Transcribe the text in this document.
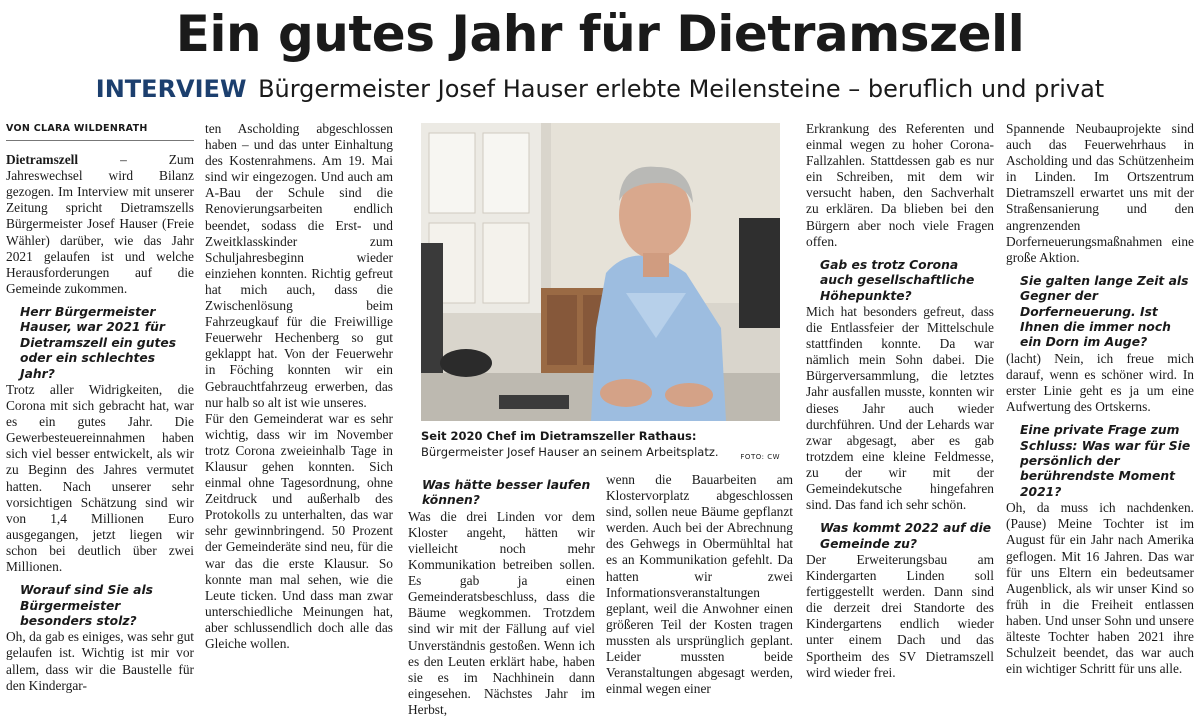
Ein gutes Jahr für Dietramszell
INTERVIEW Bürgermeister Josef Hauser erlebte Meilensteine – beruflich und privat
VON CLARA WILDENRATH

Dietramszell – Zum Jahreswechsel wird Bilanz gezogen. Im Interview mit unserer Zeitung spricht Dietramszells Bürgermeister Josef Hauser (Freie Wähler) darüber, wie das Jahr 2021 gelaufen ist und welche Herausforderungen auf die Gemeinde zukommen.

Herr Bürgermeister Hauser, war 2021 für Dietramszell ein gutes oder ein schlechtes Jahr?

Trotz aller Widrigkeiten, die Corona mit sich gebracht hat, war es ein gutes Jahr. Die Gewerbesteuereinnahmen haben sich viel besser entwickelt, als wir zu Beginn des Jahres vermutet hatten. Nach unserer sehr vorsichtigen Schätzung sind wir von 1,4 Millionen Euro ausgegangen, jetzt liegen wir schon bei deutlich über zwei Millionen.

Worauf sind Sie als Bürgermeister besonders stolz?

Oh, da gab es einiges, was sehr gut gelaufen ist. Wichtig ist mir vor allem, dass wir die Baustelle für den Kindergar-

ten Ascholding abgeschlossen haben – und das unter Einhaltung des Kostenrahmens. Am 19. Mai sind wir eingezogen. Und auch am A-Bau der Schule sind die Renovierungsarbeiten endlich beendet, sodass die Erst- und Zweitklasskinder zum Schuljahresbeginn wieder einziehen konnten. Richtig gefreut hat mich auch, dass die Zwischenlösung beim Fahrzeugkauf für die Freiwillige Feuerwehr Hechenberg so gut geklappt hat. Von der Feuerwehr in Föching konnten wir ein Gebrauchtfahrzeug erwerben, das nur halb so alt ist wie unseres.

Für den Gemeinderat war es sehr wichtig, dass wir im November trotz Corona zweieinhalb Tage in Klausur gehen konnten. Sich einmal ohne Tagesordnung, ohne Zeitdruck und außerhalb des Protokolls zu unterhalten, das war sehr gewinnbringend. 50 Prozent der Gemeinderäte sind neu, für die war das die erste Klausur. So konnte man mal sehen, wie die Leute ticken. Und dass man zwar unterschiedliche Meinungen hat, aber schlussendlich doch alle das Gleiche wollen.

Seit 2020 Chef im Dietramszeller Rathaus: Bürgermeister Josef Hauser an seinem Arbeitsplatz.	FOTO: CW
Was hätte besser laufen können?

Was die drei Linden vor dem Kloster angeht, hätten wir vielleicht noch mehr Kommunikation betreiben sollen. Es gab ja einen Gemeinderatsbeschluss, dass die Bäume wegkommen. Trotzdem sind wir mit der Fällung auf viel Unverständnis gestoßen. Wenn ich es den Leuten erklärt habe, haben sie es im Nachhinein dann eingesehen. Nächstes Jahr im Herbst,

wenn die Bauarbeiten am Klostervorplatz abgeschlossen sind, sollen neue Bäume gepflanzt werden. Auch bei der Abrechnung des Gehwegs in Obermühltal hat es an Kommunikation gefehlt. Da hatten wir zwei Informationsveranstaltungen geplant, weil die Anwohner einen größeren Teil der Kosten tragen mussten als ursprünglich geplant. Leider mussten beide Veranstaltungen abgesagt werden, einmal wegen einer

Erkrankung des Referenten und einmal wegen zu hoher Corona-Fallzahlen. Stattdessen gab es nur ein Schreiben, mit dem wir versucht haben, den Sachverhalt zu erklären. Da blieben bei den Bürgern aber noch viele Fragen offen.

Gab es trotz Corona auch gesellschaftliche Höhepunkte?

Mich hat besonders gefreut, dass die Entlassfeier der Mittelschule stattfinden konnte. Da war nämlich mein Sohn dabei. Die Bürgerversammlung, die letztes Jahr ausfallen musste, konnten wir dieses Jahr auch wieder durchführen. Und der Lehards war zwar abgesagt, aber es gab trotzdem eine kleine Feldmesse, zu der wir mit der Gemeindekutsche hingefahren sind. Das fand ich sehr schön.

Was kommt 2022 auf die Gemeinde zu?

Der Erweiterungsbau am Kindergarten Linden soll fertiggestellt werden. Dann sind die derzeit drei Standorte des Kindergartens endlich wieder unter einem Dach und das Sportheim des SV Dietramszell wird wieder frei.

Spannende Neubauprojekte sind auch das Feuerwehrhaus in Ascholding und das Schützenheim in Linden. Im Ortszentrum Dietramszell erwartet uns mit der Straßensanierung und den angrenzenden Dorferneuerungsmaßnahmen eine große Aktion.

Sie galten lange Zeit als Gegner der Dorferneuerung. Ist Ihnen die immer noch ein Dorn im Auge?

(lacht) Nein, ich freue mich darauf, wenn es schöner wird. In erster Linie geht es ja um eine Aufwertung des Ortskerns.

Eine private Frage zum Schluss: Was war für Sie persönlich der berührendste Moment 2021?

Oh, da muss ich nachdenken. (Pause) Meine Tochter ist im August für ein Jahr nach Amerika geflogen. Mit 16 Jahren. Das war für uns Eltern ein bedeutsamer Augenblick, als wir unser Kind so früh in die Freiheit entlassen haben. Und unser Sohn und unsere älteste Tochter haben 2021 ihre Schulzeit beendet, das war auch ein wichtiger Schritt für uns alle.
